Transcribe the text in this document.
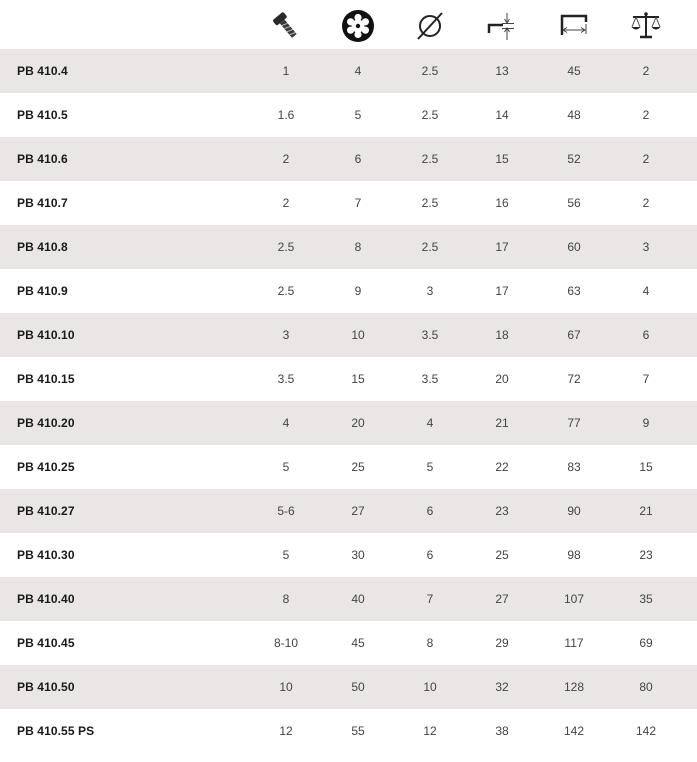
PB 410.4	1	4	2.5	13	45	2
PB 410.5	1.6	5	2.5	14	48	2
PB 410.6	2	6	2.5	15	52	2
PB 410.7	2	7	2.5	16	56	2
PB 410.8	2.5	8	2.5	17	60	3
PB 410.9	2.5	9	3	17	63	4
PB 410.10	3	10	3.5	18	67	6
PB 410.15	3.5	15	3.5	20	72	7
PB 410.20	4	20	4	21	77	9
PB 410.25	5	25	5	22	83	15
PB 410.27	5-6	27	6	23	90	21
PB 410.30	5	30	6	25	98	23
PB 410.40	8	40	7	27	107	35
PB 410.45	8-10	45	8	29	117	69
PB 410.50	10	50	10	32	128	80
PB 410.55 PS	12	55	12	38	142	142
